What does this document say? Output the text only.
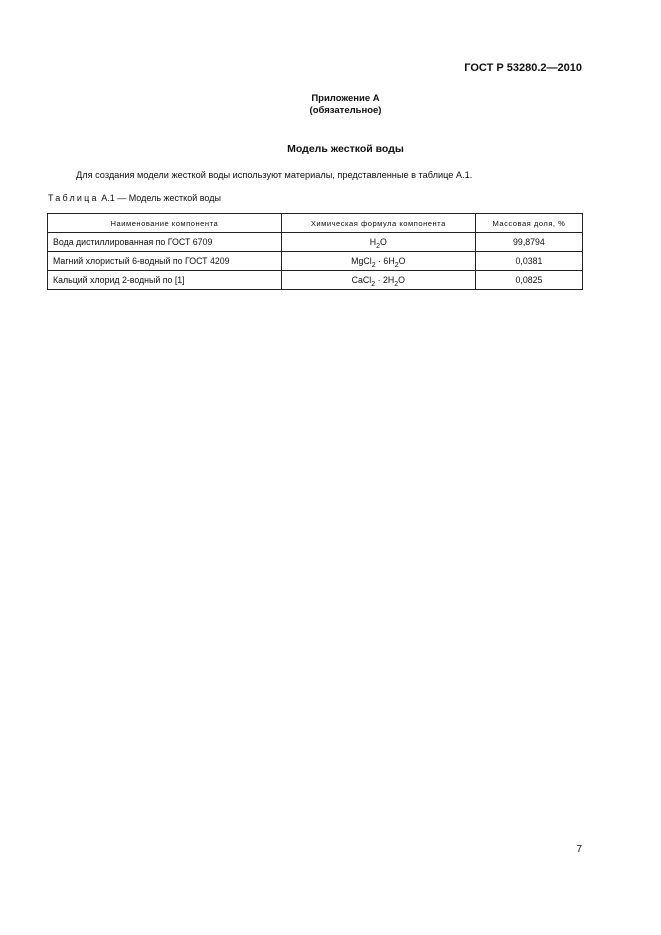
ГОСТ Р 53280.2—2010
Приложение А
(обязательное)
Модель жесткой воды
Для создания модели жесткой воды используют материалы, представленные в таблице А.1.
Таблица А.1 — Модель жесткой воды
Наименование компонента	Химическая формула компонента	Массовая доля, %
Вода дистиллированная по ГОСТ 6709	$H_2O$	99,8794
Магний хлористый 6-водный по ГОСТ 4209	MgCl$_2$ · $6H_2O$	0,0381
Кальций хлорид 2-водный по [1]	CaCl$_2$ · $2H_2O$	0,0825
7
